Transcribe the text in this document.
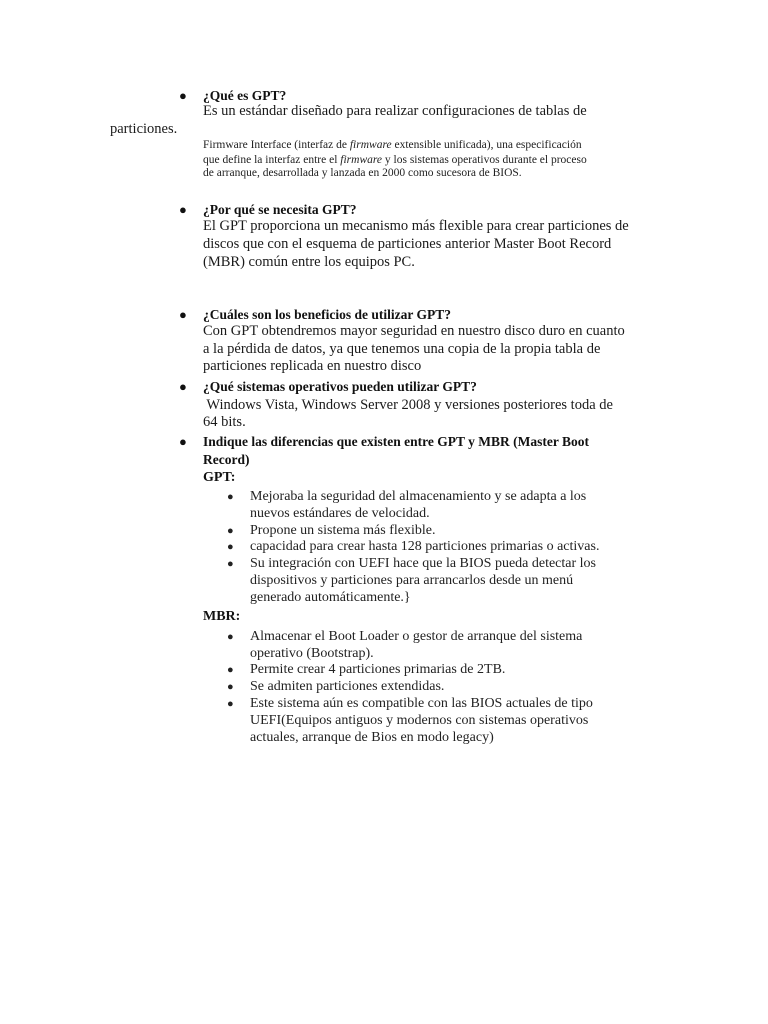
● ¿Qué es GPT?
Es un estándar diseñado para realizar configuraciones de tablas de
particiones.
Firmware Interface (interfaz de firmware extensible unificada), una especificación
que define la interfaz entre el firmware y los sistemas operativos durante el proceso
de arranque, desarrollada y lanzada en 2000 como sucesora de BIOS.
● ¿Por qué se necesita GPT?
El GPT proporciona un mecanismo más flexible para crear particiones de
discos que con el esquema de particiones anterior Master Boot Record
(MBR) común entre los equipos PC.
● ¿Cuáles son los beneficios de utilizar GPT?
Con GPT obtendremos mayor seguridad en nuestro disco duro en cuanto
a la pérdida de datos, ya que tenemos una copia de la propia tabla de
particiones replicada en nuestro disco
● ¿Qué sistemas operativos pueden utilizar GPT?
Windows Vista, Windows Server 2008 y versiones posteriores toda de
64 bits.
● Indique las diferencias que existen entre GPT y MBR (Master Boot
Record)
GPT:
● Mejoraba la seguridad del almacenamiento y se adapta a los
nuevos estándares de velocidad.
● Propone un sistema más flexible.
● capacidad para crear hasta 128 particiones primarias o activas.
● Su integración con UEFI hace que la BIOS pueda detectar los
dispositivos y particiones para arrancarlos desde un menú
generado automáticamente.}
MBR:
● Almacenar el Boot Loader o gestor de arranque del sistema
operativo (Bootstrap).
● Permite crear 4 particiones primarias de 2TB.
● Se admiten particiones extendidas.
● Este sistema aún es compatible con las BIOS actuales de tipo
UEFI(Equipos antiguos y modernos con sistemas operativos
actuales, arranque de Bios en modo legacy)
